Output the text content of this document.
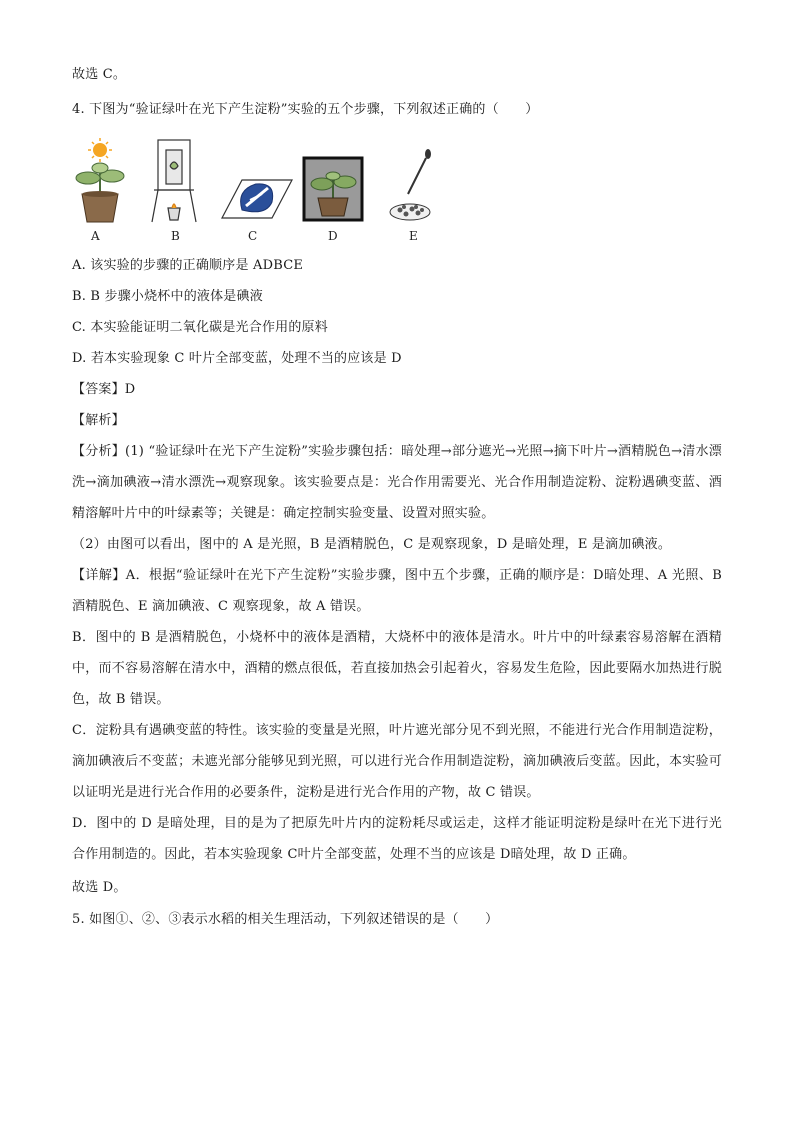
故选 C。
4. 下图为“验证绿叶在光下产生淀粉”实验的五个步骤，下列叙述正确的（　　）
A	B	C	D	E
A. 该实验的步骤的正确顺序是 ADBCE
B. B 步骤小烧杯中的液体是碘液
C. 本实验能证明二氧化碳是光合作用的原料
D. 若本实验现象 C 叶片全部变蓝，处理不当的应该是 D
【答案】D
【解析】
【分析】(1) “验证绿叶在光下产生淀粉”实验步骤包括：暗处理→部分遮光→光照→摘下叶片→酒精脱色→清水漂洗→滴加碘液→清水漂洗→观察现象。该实验要点是：光合作用需要光、光合作用制造淀粉、淀粉遇碘变蓝、酒精溶解叶片中的叶绿素等；关键是：确定控制实验变量、设置对照实验。
（2）由图可以看出，图中的 A 是光照，B 是酒精脱色，C 是观察现象，D 是暗处理，E 是滴加碘液。
【详解】A．根据“验证绿叶在光下产生淀粉”实验步骤，图中五个步骤，正确的顺序是：D暗处理、A 光照、B 酒精脱色、E 滴加碘液、C 观察现象，故 A 错误。
B．图中的 B 是酒精脱色，小烧杯中的液体是酒精，大烧杯中的液体是清水。叶片中的叶绿素容易溶解在酒精中，而不容易溶解在清水中，酒精的燃点很低，若直接加热会引起着火，容易发生危险，因此要隔水加热进行脱色，故 B 错误。
C．淀粉具有遇碘变蓝的特性。该实验的变量是光照，叶片遮光部分见不到光照，不能进行光合作用制造淀粉，滴加碘液后不变蓝；未遮光部分能够见到光照，可以进行光合作用制造淀粉，滴加碘液后变蓝。因此，本实验可以证明光是进行光合作用的必要条件，淀粉是进行光合作用的产物，故 C 错误。
D．图中的 D 是暗处理，目的是为了把原先叶片内的淀粉耗尽或运走，这样才能证明淀粉是绿叶在光下进行光合作用制造的。因此，若本实验现象 C叶片全部变蓝，处理不当的应该是 D暗处理，故 D 正确。
故选 D。
5. 如图①、②、③表示水稻的相关生理活动，下列叙述错误的是（　　）
